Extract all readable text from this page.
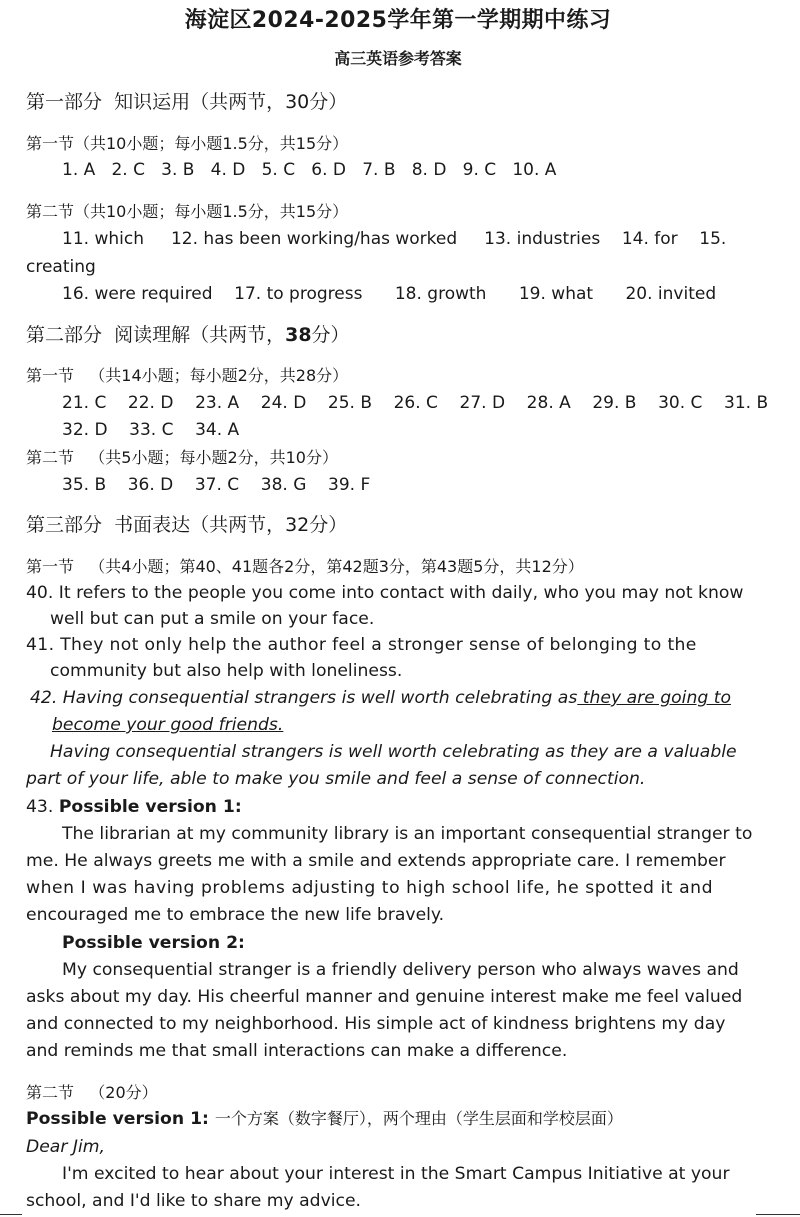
海淀区2024-2025学年第一学期期中练习
高三英语参考答案
第一部分  知识运用（共两节，30分）
第一节（共10小题；每小题1.5分，共15分）
1. A   2. C   3. B   4. D   5. C   6. D   7. B   8. D   9. C   10. A
第二节（共10小题；每小题1.5分，共15分）
11. which     12. has been working/has worked     13. industries    14. for    15.
creating
16. were required    17. to progress      18. growth      19. what      20. invited
第二部分  阅读理解（共两节，38分）
第一节   （共14小题；每小题2分，共28分）
21. C    22. D    23. A    24. D    25. B    26. C    27. D    28. A    29. B    30. C    31. B
32. D    33. C    34. A
第二节   （共5小题；每小题2分，共10分）
35. B    36. D    37. C    38. G    39. F
第三部分  书面表达（共两节，32分）
第一节   （共4小题；第40、41题各2分，第42题3分，第43题5分，共12分）
40. It refers to the people you come into contact with daily, who you may not know
well but can put a smile on your face.
41. They not only help the author feel a stronger sense of belonging to the
community but also help with loneliness.
42. Having consequential strangers is well worth celebrating as they are going to
become your good friends.
Having consequential strangers is well worth celebrating as they are a valuable
part of your life, able to make you smile and feel a sense of connection.
43. Possible version 1:
The librarian at my community library is an important consequential stranger to
me. He always greets me with a smile and extends appropriate care. I remember
when I was having problems adjusting to high school life, he spotted it and
encouraged me to embrace the new life bravely.
Possible version 2:
My consequential stranger is a friendly delivery person who always waves and
asks about my day. His cheerful manner and genuine interest make me feel valued
and connected to my neighborhood. His simple act of kindness brightens my day
and reminds me that small interactions can make a difference.
第二节   （20分）
Possible version 1: 一个方案（数字餐厅），两个理由（学生层面和学校层面）
Dear Jim,
I'm excited to hear about your interest in the Smart Campus Initiative at your
school, and I'd like to share my advice.
